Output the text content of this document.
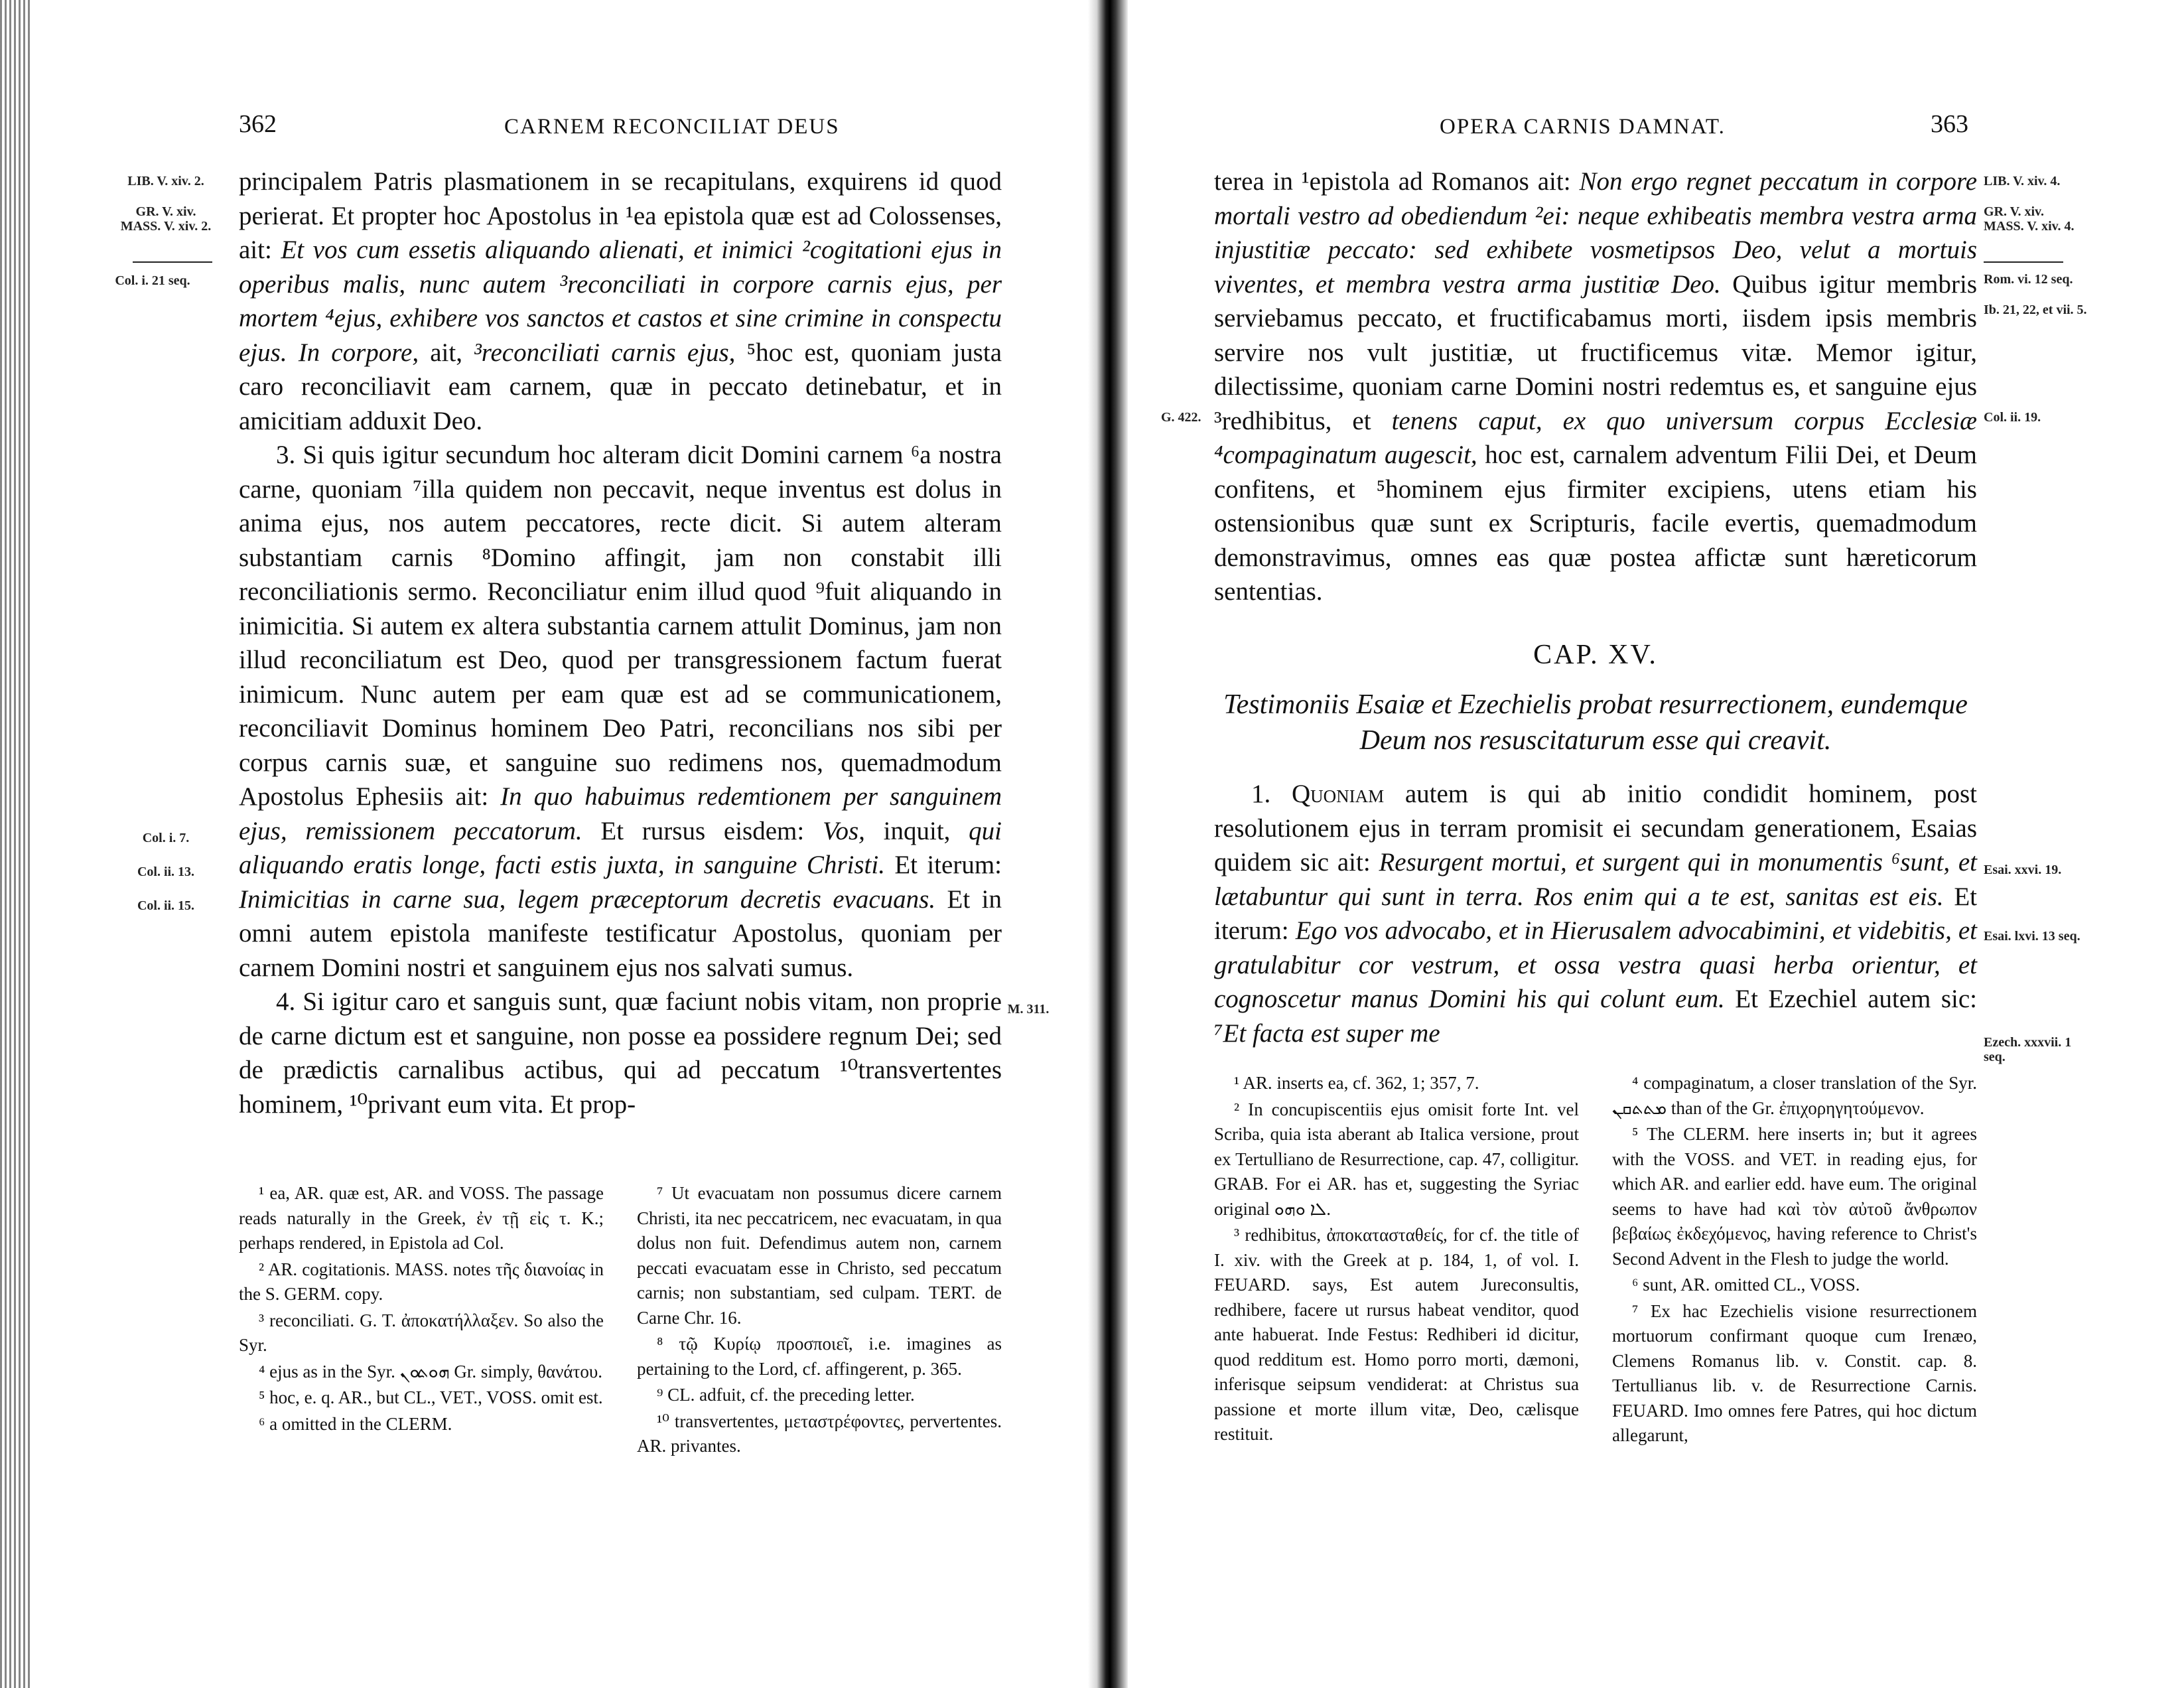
362	CARNEM RECONCILIAT DEUS
LIB. V. xiv. 2.
GR. V. xiv.
MASS. V. xiv. 2.
Col. i. 21 seq.
Col. i. 7.
Col. ii. 13.
Col. ii. 15.
M. 311.

principalem Patris plasmationem in se recapitulans, exquirens id quod perierat. Et propter hoc Apostolus in ¹ea epistola quæ est ad Colossenses, ait: Et vos cum essetis aliquando alienati, et inimici ²cogitationi ejus in operibus malis, nunc autem ³reconciliati in corpore carnis ejus, per mortem ⁴ejus, exhibere vos sanctos et castos et sine crimine in conspectu ejus. In corpore, ait, ³reconciliati carnis ejus, ⁵hoc est, quoniam justa caro reconciliavit eam carnem, quæ in peccato detinebatur, et in amicitiam adduxit Deo.

3. Si quis igitur secundum hoc alteram dicit Domini carnem ⁶a nostra carne, quoniam ⁷illa quidem non peccavit, neque inventus est dolus in anima ejus, nos autem peccatores, recte dicit. Si autem alteram substantiam carnis ⁸Domino affingit, jam non constabit illi reconciliationis sermo. Reconciliatur enim illud quod ⁹fuit aliquando in inimicitia. Si autem ex altera substantia carnem attulit Dominus, jam non illud reconciliatum est Deo, quod per transgressionem factum fuerat inimicum. Nunc autem per eam quæ est ad se communicationem, reconciliavit Dominus hominem Deo Patri, reconcilians nos sibi per corpus carnis suæ, et sanguine suo redimens nos, quemadmodum Apostolus Ephesiis ait: In quo habuimus redemtionem per sanguinem ejus, remissionem peccatorum. Et rursus eisdem: Vos, inquit, qui aliquando eratis longe, facti estis juxta, in sanguine Christi. Et iterum: Inimicitias in carne sua, legem præceptorum decretis evacuans. Et in omni autem epistola manifeste testificatur Apostolus, quoniam per carnem Domini nostri et sanguinem ejus nos salvati sumus.

4. Si igitur caro et sanguis sunt, quæ faciunt nobis vitam, non proprie de carne dictum est et sanguine, non posse ea possidere regnum Dei; sed de prædictis carnalibus actibus, qui ad peccatum ¹⁰transvertentes hominem, ¹⁰privant eum vita. Et prop-

¹ ea, AR. quæ est, AR. and VOSS. The passage reads naturally in the Greek, ἐν τῇ εἰς τ. K.; perhaps rendered, in Epistola ad Col.

² AR. cogitationis. MASS. notes τῆς διανοίας in the S. GERM. copy.

³ reconciliati. G. T. ἀποκατήλλαξεν. So also the Syr.

⁴ ejus as in the Syr. ܗܘܬܘܢ Gr. simply, θανάτου.

⁵ hoc, e. q. AR., but CL., VET., VOSS. omit est.

⁶ a omitted in the CLERM.

⁷ Ut evacuatam non possumus dicere carnem Christi, ita nec peccatricem, nec evacuatam, in qua dolus non fuit. Defendimus autem non, carnem peccati evacuatam esse in Christo, sed peccatum carnis; non substantiam, sed culpam. TERT. de Carne Chr. 16.

⁸ τῷ Κυρίῳ προσποιεῖ, i.e. imagines as pertaining to the Lord, cf. affingerent, p. 365.

⁹ CL. adfuit, cf. the preceding letter.

¹⁰ transvertentes, μεταστρέφοντες, pervertentes. AR. privantes.

OPERA CARNIS DAMNAT.	363
LIB. V. xiv. 4.
GR. V. xiv.
MASS. V. xiv. 4.
Rom. vi. 12 seq.
Ib. 21, 22, et vii. 5.
G. 422.	Col. ii. 19.
Esai. xxvi. 19.
Esai. lxvi. 13 seq.
Ezech. xxxvii. 1 seq.

terea in ¹epistola ad Romanos ait: Non ergo regnet peccatum in corpore mortali vestro ad obediendum ²ei: neque exhibeatis membra vestra arma injustitiæ peccato: sed exhibete vosmetipsos Deo, velut a mortuis viventes, et membra vestra arma justitiæ Deo. Quibus igitur membris serviebamus peccato, et fructificabamus morti, iisdem ipsis membris servire nos vult justitiæ, ut fructificemus vitæ. Memor igitur, dilectissime, quoniam carne Domini nostri redemtus es, et sanguine ejus ³redhibitus, et tenens caput, ex quo universum corpus Ecclesiæ ⁴compaginatum augescit, hoc est, carnalem adventum Filii Dei, et Deum confitens, et ⁵hominem ejus firmiter excipiens, utens etiam his ostensionibus quæ sunt ex Scripturis, facile evertis, quemadmodum demonstravimus, omnes eas quæ postea affictæ sunt hæreticorum sententias.

CAP. XV.
Testimoniis Esaiæ et Ezechielis probat resurrectionem, eundemque Deum nos resuscitaturum esse qui creavit.

1. Quoniam autem is qui ab initio condidit hominem, post resolutionem ejus in terram promisit ei secundam generationem, Esaias quidem sic ait: Resurgent mortui, et surgent qui in monumentis ⁶sunt, et lætabuntur qui sunt in terra. Ros enim qui a te est, sanitas est eis. Et iterum: Ego vos advocabo, et in Hierusalem advocabimini, et videbitis, et gratulabitur cor vestrum, et ossa vestra quasi herba orientur, et cognoscetur manus Domini his qui colunt eum. Et Ezechiel autem sic: ⁷Et facta est super me

¹ AR. inserts ea, cf. 362, 1; 357, 7.

² In concupiscentiis ejus omisit forte Int. vel Scriba, quia ista aberant ab Italica versione, prout ex Tertulliano de Resurrectione, cap. 47, colligitur. GRAB. For ei AR. has et, suggesting the Syriac original ܠܐ ܘܗܘ.

³ redhibitus, ἀποκατασταθείς, for cf. the title of I. xiv. with the Greek at p. 184, 1, of vol. I. FEUARD. says, Est autem Jureconsultis, redhibere, facere ut rursus habeat venditor, quod ante habuerat. Inde Festus: Redhiberi id dicitur, quod redditum est. Homo porro morti, dæmoni, inferisque seipsum vendiderat: at Christus sua passione et morte illum vitæ, Deo, cælisque restituit.

⁴ compaginatum, a closer translation of the Syr. ܡܬܬܩܢ than of the Gr. ἐπιχορηγητούμενον.

⁵ The CLERM. here inserts in; but it agrees with the VOSS. and VET. in reading ejus, for which AR. and earlier edd. have eum. The original seems to have had καὶ τὸν αὐτοῦ ἄνθρωπον βεβαίως ἐκδεχόμενος, having reference to Christ's Second Advent in the Flesh to judge the world.

⁶ sunt, AR. omitted CL., VOSS.

⁷ Ex hac Ezechielis visione resurrectionem mortuorum confirmant quoque cum Irenæo, Clemens Romanus lib. v. Constit. cap. 8. Tertullianus lib. v. de Resurrectione Carnis. FEUARD. Imo omnes fere Patres, qui hoc dictum allegarunt,
